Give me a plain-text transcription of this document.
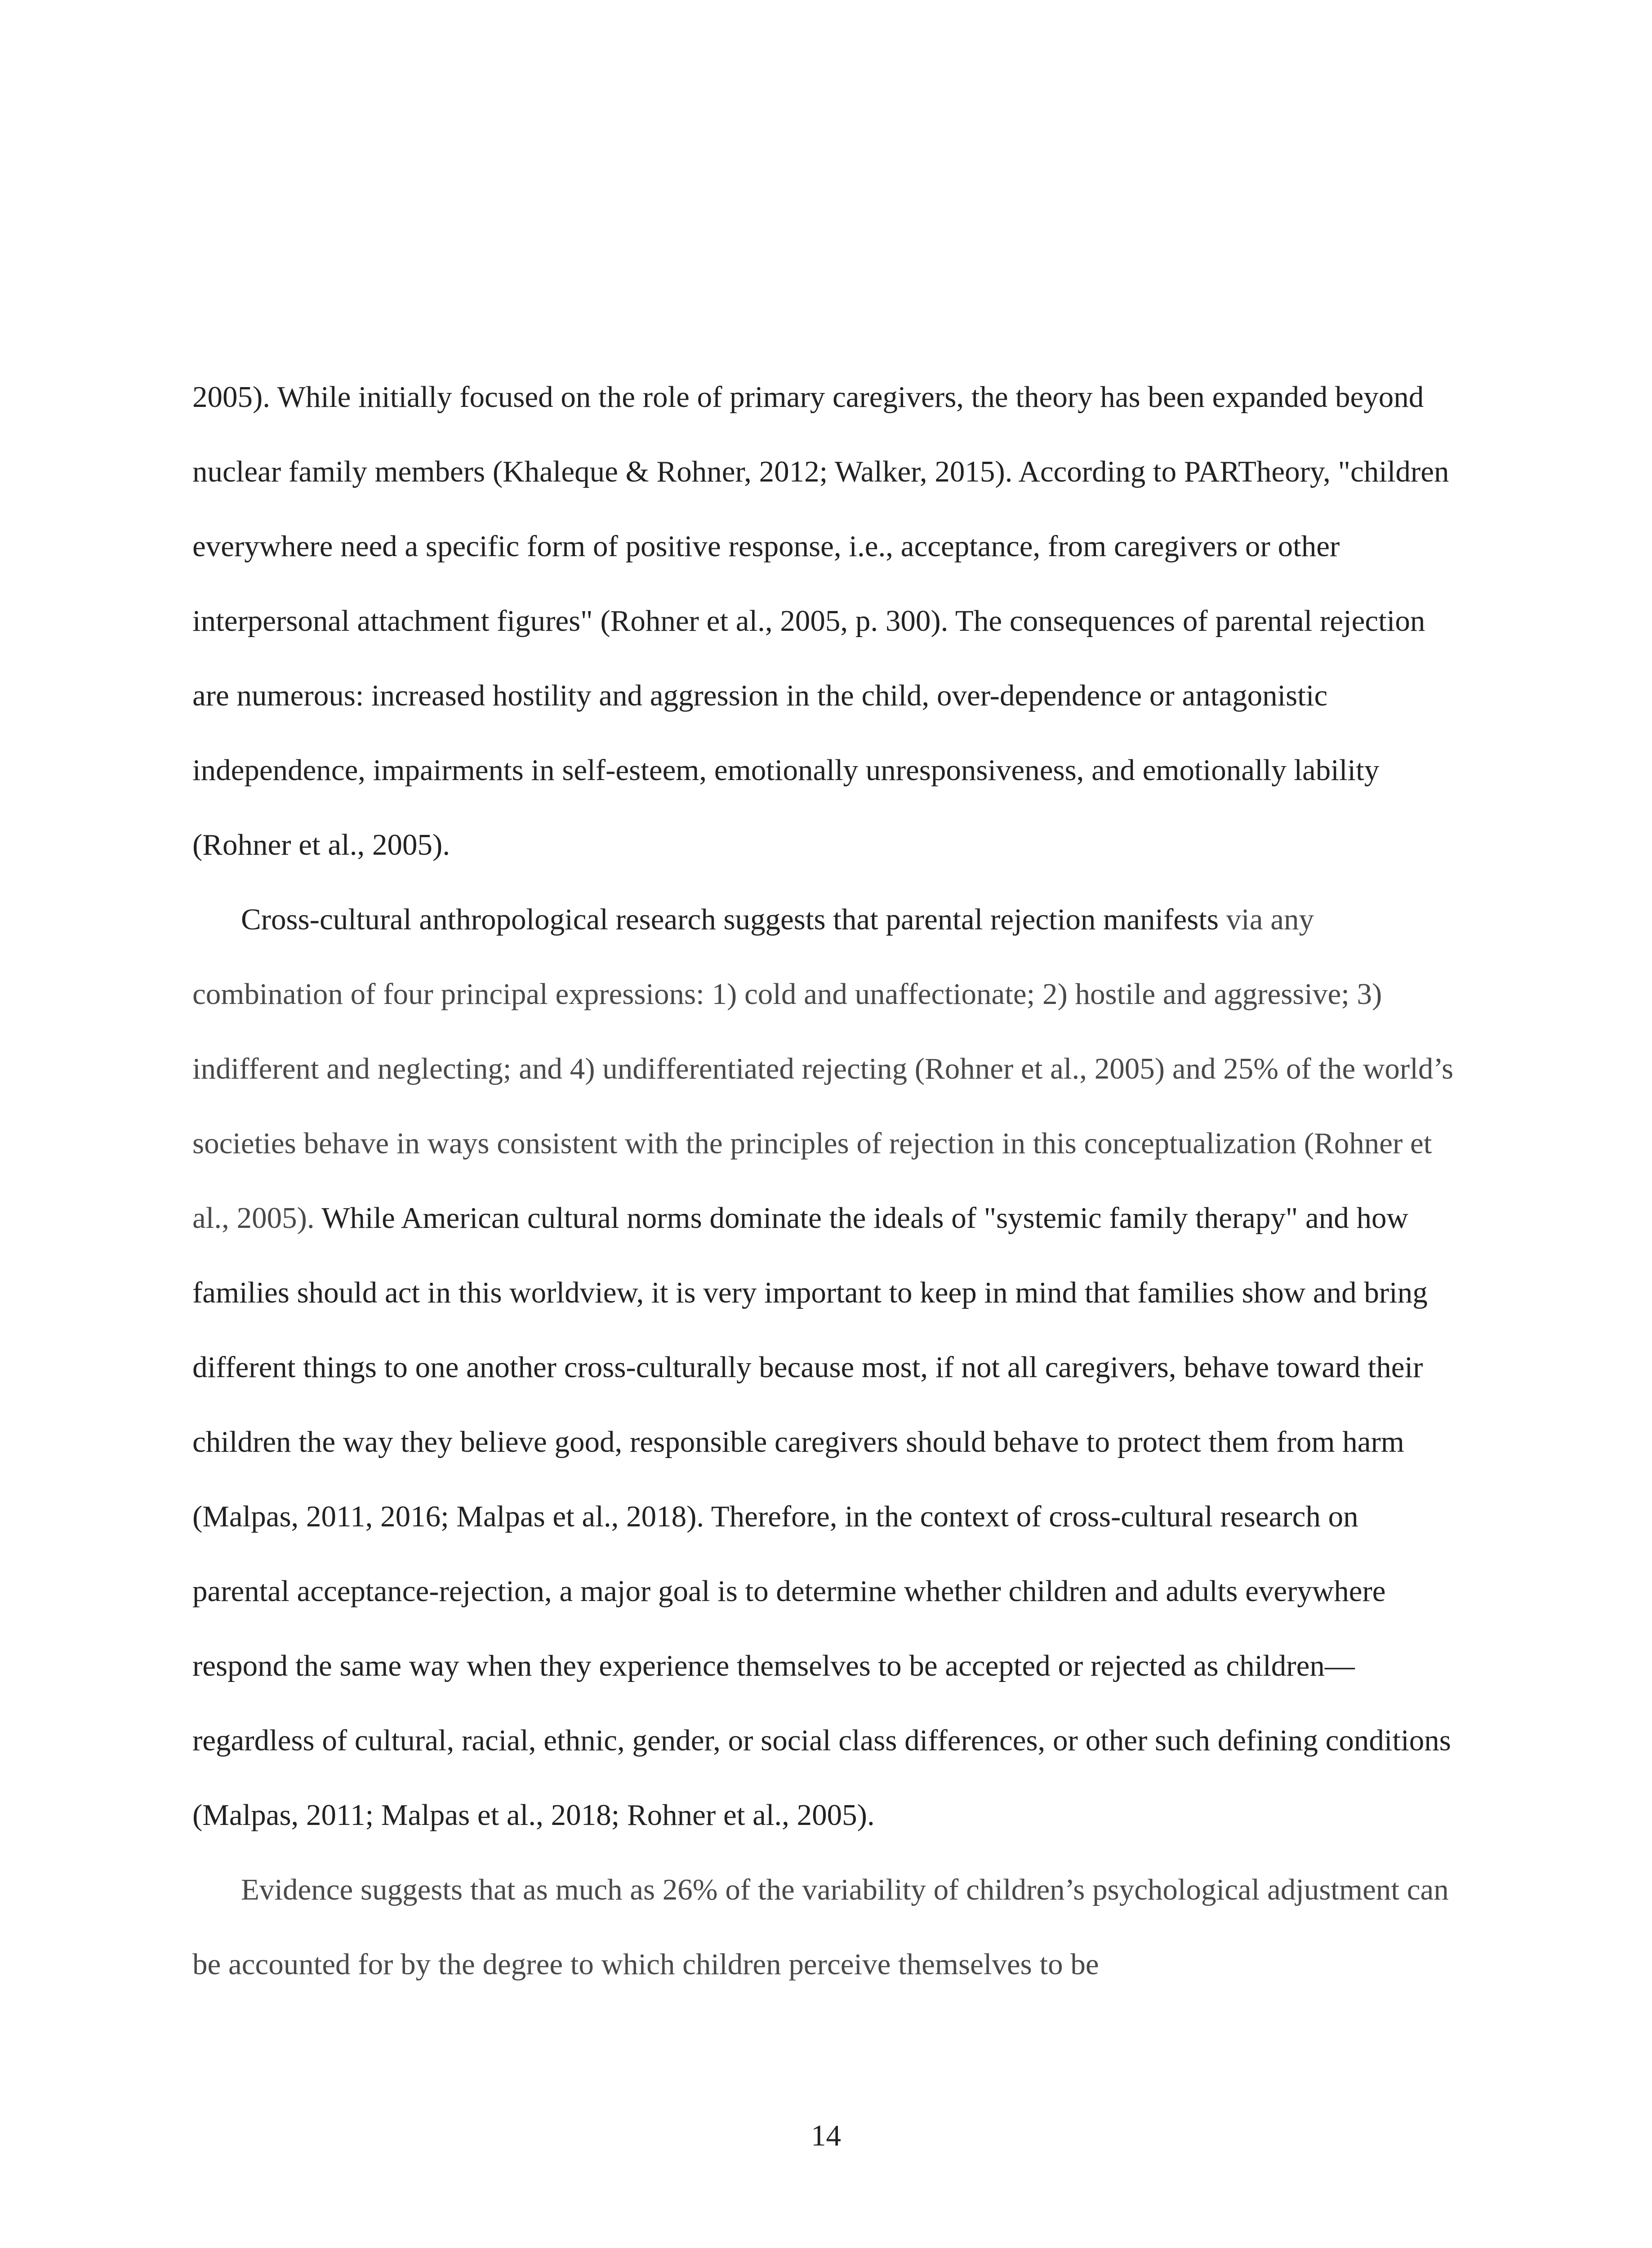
2005). While initially focused on the role of primary caregivers, the theory has been expanded beyond nuclear family members (Khaleque & Rohner, 2012; Walker, 2015). According to PARTheory, "children everywhere need a specific form of positive response, i.e., acceptance, from caregivers or other interpersonal attachment figures" (Rohner et al., 2005, p. 300). The consequences of parental rejection are numerous: increased hostility and aggression in the child, over-dependence or antagonistic independence, impairments in self-esteem, emotionally unresponsiveness, and emotionally lability (Rohner et al., 2005).

Cross-cultural anthropological research suggests that parental rejection manifests via any combination of four principal expressions: 1) cold and unaffectionate; 2) hostile and aggressive; 3) indifferent and neglecting; and 4) undifferentiated rejecting (Rohner et al., 2005) and 25% of the world’s societies behave in ways consistent with the principles of rejection in this conceptualization (Rohner et al., 2005). While American cultural norms dominate the ideals of "systemic family therapy" and how families should act in this worldview, it is very important to keep in mind that families show and bring different things to one another cross-culturally because most, if not all caregivers, behave toward their children the way they believe good, responsible caregivers should behave to protect them from harm (Malpas, 2011, 2016; Malpas et al., 2018). Therefore, in the context of cross-cultural research on parental acceptance-rejection, a major goal is to determine whether children and adults everywhere respond the same way when they experience themselves to be accepted or rejected as children—regardless of cultural, racial, ethnic, gender, or social class differences, or other such defining conditions (Malpas, 2011; Malpas et al., 2018; Rohner et al., 2005).

Evidence suggests that as much as 26% of the variability of children’s psychological adjustment can be accounted for by the degree to which children perceive themselves to be

14
